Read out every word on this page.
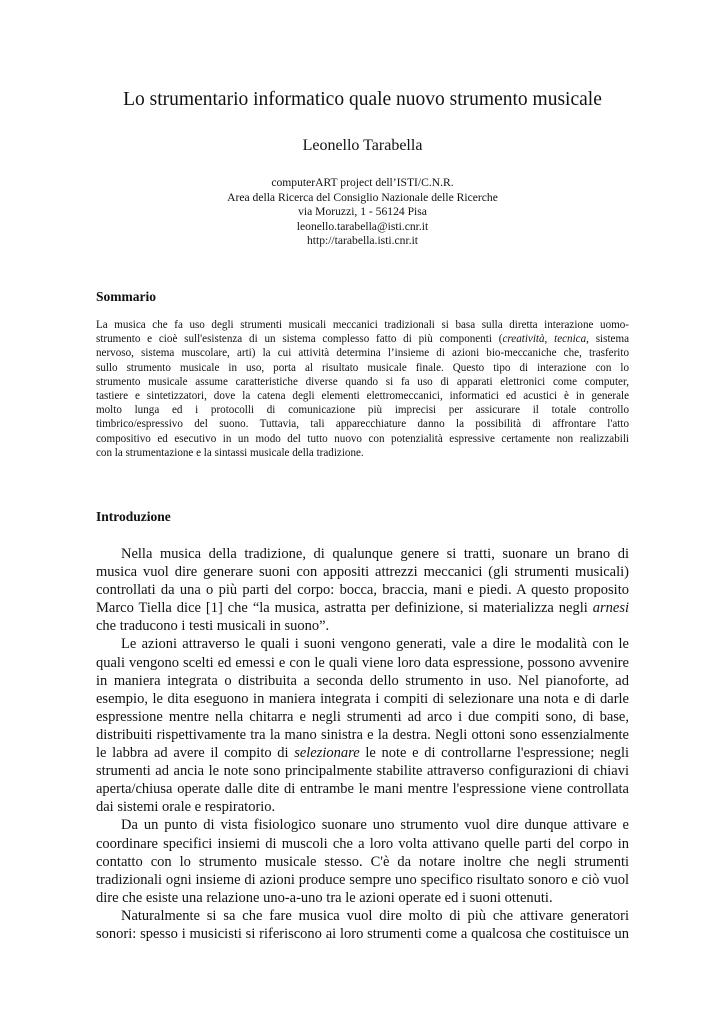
Lo strumentario informatico quale nuovo strumento musicale
Leonello Tarabella
computerART project dell’ISTI/C.N.R.
Area della Ricerca del Consiglio Nazionale delle Ricerche
via Moruzzi, 1 - 56124 Pisa
leonello.tarabella@isti.cnr.it
http://tarabella.isti.cnr.it
Sommario
La musica che fa uso degli strumenti musicali meccanici tradizionali si basa sulla diretta interazione uomo-
strumento e cioè sull'esistenza di un sistema complesso fatto di più componenti (creatività, tecnica, sistema
nervoso, sistema muscolare, arti) la cui attività determina l’insieme di azioni bio-meccaniche che, trasferito
sullo strumento musicale in uso, porta al risultato musicale finale. Questo tipo di interazione con lo
strumento musicale assume caratteristiche diverse quando si fa uso di apparati elettronici come computer,
tastiere e sintetizzatori, dove la catena degli elementi elettromeccanici, informatici ed acustici è in generale
molto lunga ed i protocolli di comunicazione più imprecisi per assicurare il totale controllo
timbrico/espressivo del suono. Tuttavia, tali apparecchiature danno la possibilità di affrontare l'atto
compositivo ed esecutivo in un modo del tutto nuovo con potenzialità espressive certamente non realizzabili
con la strumentazione e la sintassi musicale della tradizione.
Introduzione
Nella musica della tradizione, di qualunque genere si tratti, suonare un brano di
musica vuol dire generare suoni con appositi attrezzi meccanici (gli strumenti musicali)
controllati da una o più parti del corpo: bocca, braccia, mani e piedi. A questo proposito
Marco Tiella dice [1] che “la musica, astratta per definizione, si materializza negli arnesi
che traducono i testi musicali in suono”.
Le azioni attraverso le quali i suoni vengono generati, vale a dire le modalità con le
quali vengono scelti ed emessi e con le quali viene loro data espressione, possono avvenire
in maniera integrata o distribuita a seconda dello strumento in uso. Nel pianoforte, ad
esempio, le dita eseguono in maniera integrata i compiti di selezionare una nota e di darle
espressione mentre nella chitarra e negli strumenti ad arco i due compiti sono, di base,
distribuiti rispettivamente tra la mano sinistra e la destra. Negli ottoni sono essenzialmente
le labbra ad avere il compito di selezionare le note e di controllarne l'espressione; negli
strumenti ad ancia le note sono principalmente stabilite attraverso configurazioni di chiavi
aperta/chiusa operate dalle dite di entrambe le mani mentre l'espressione viene controllata
dai sistemi orale e respiratorio.
Da un punto di vista fisiologico suonare uno strumento vuol dire dunque attivare e
coordinare specifici insiemi di muscoli che a loro volta attivano quelle parti del corpo in
contatto con lo strumento musicale stesso. C'è da notare inoltre che negli strumenti
tradizionali ogni insieme di azioni produce sempre uno specifico risultato sonoro e ciò vuol
dire che esiste una relazione uno-a-uno tra le azioni operate ed i suoni ottenuti.
Naturalmente si sa che fare musica vuol dire molto di più che attivare generatori
sonori: spesso i musicisti si riferiscono ai loro strumenti come a qualcosa che costituisce un
